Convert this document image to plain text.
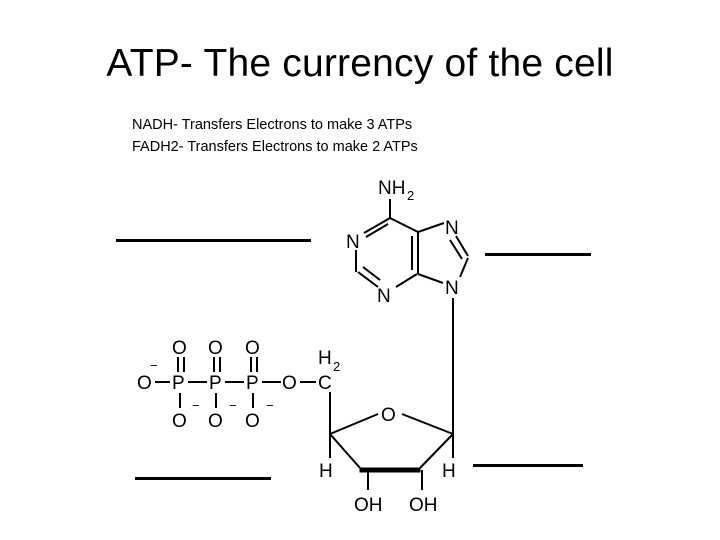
ATP- The currency of the cell
NADH- Transfers Electrons to make 3 ATPs
FADH2- Transfers Electrons to make 2 ATPs
NH 2
N
N
N
N
O
H	H
OH OH
H 2
C
O O O
−
O P P P O
− − −
O O O
